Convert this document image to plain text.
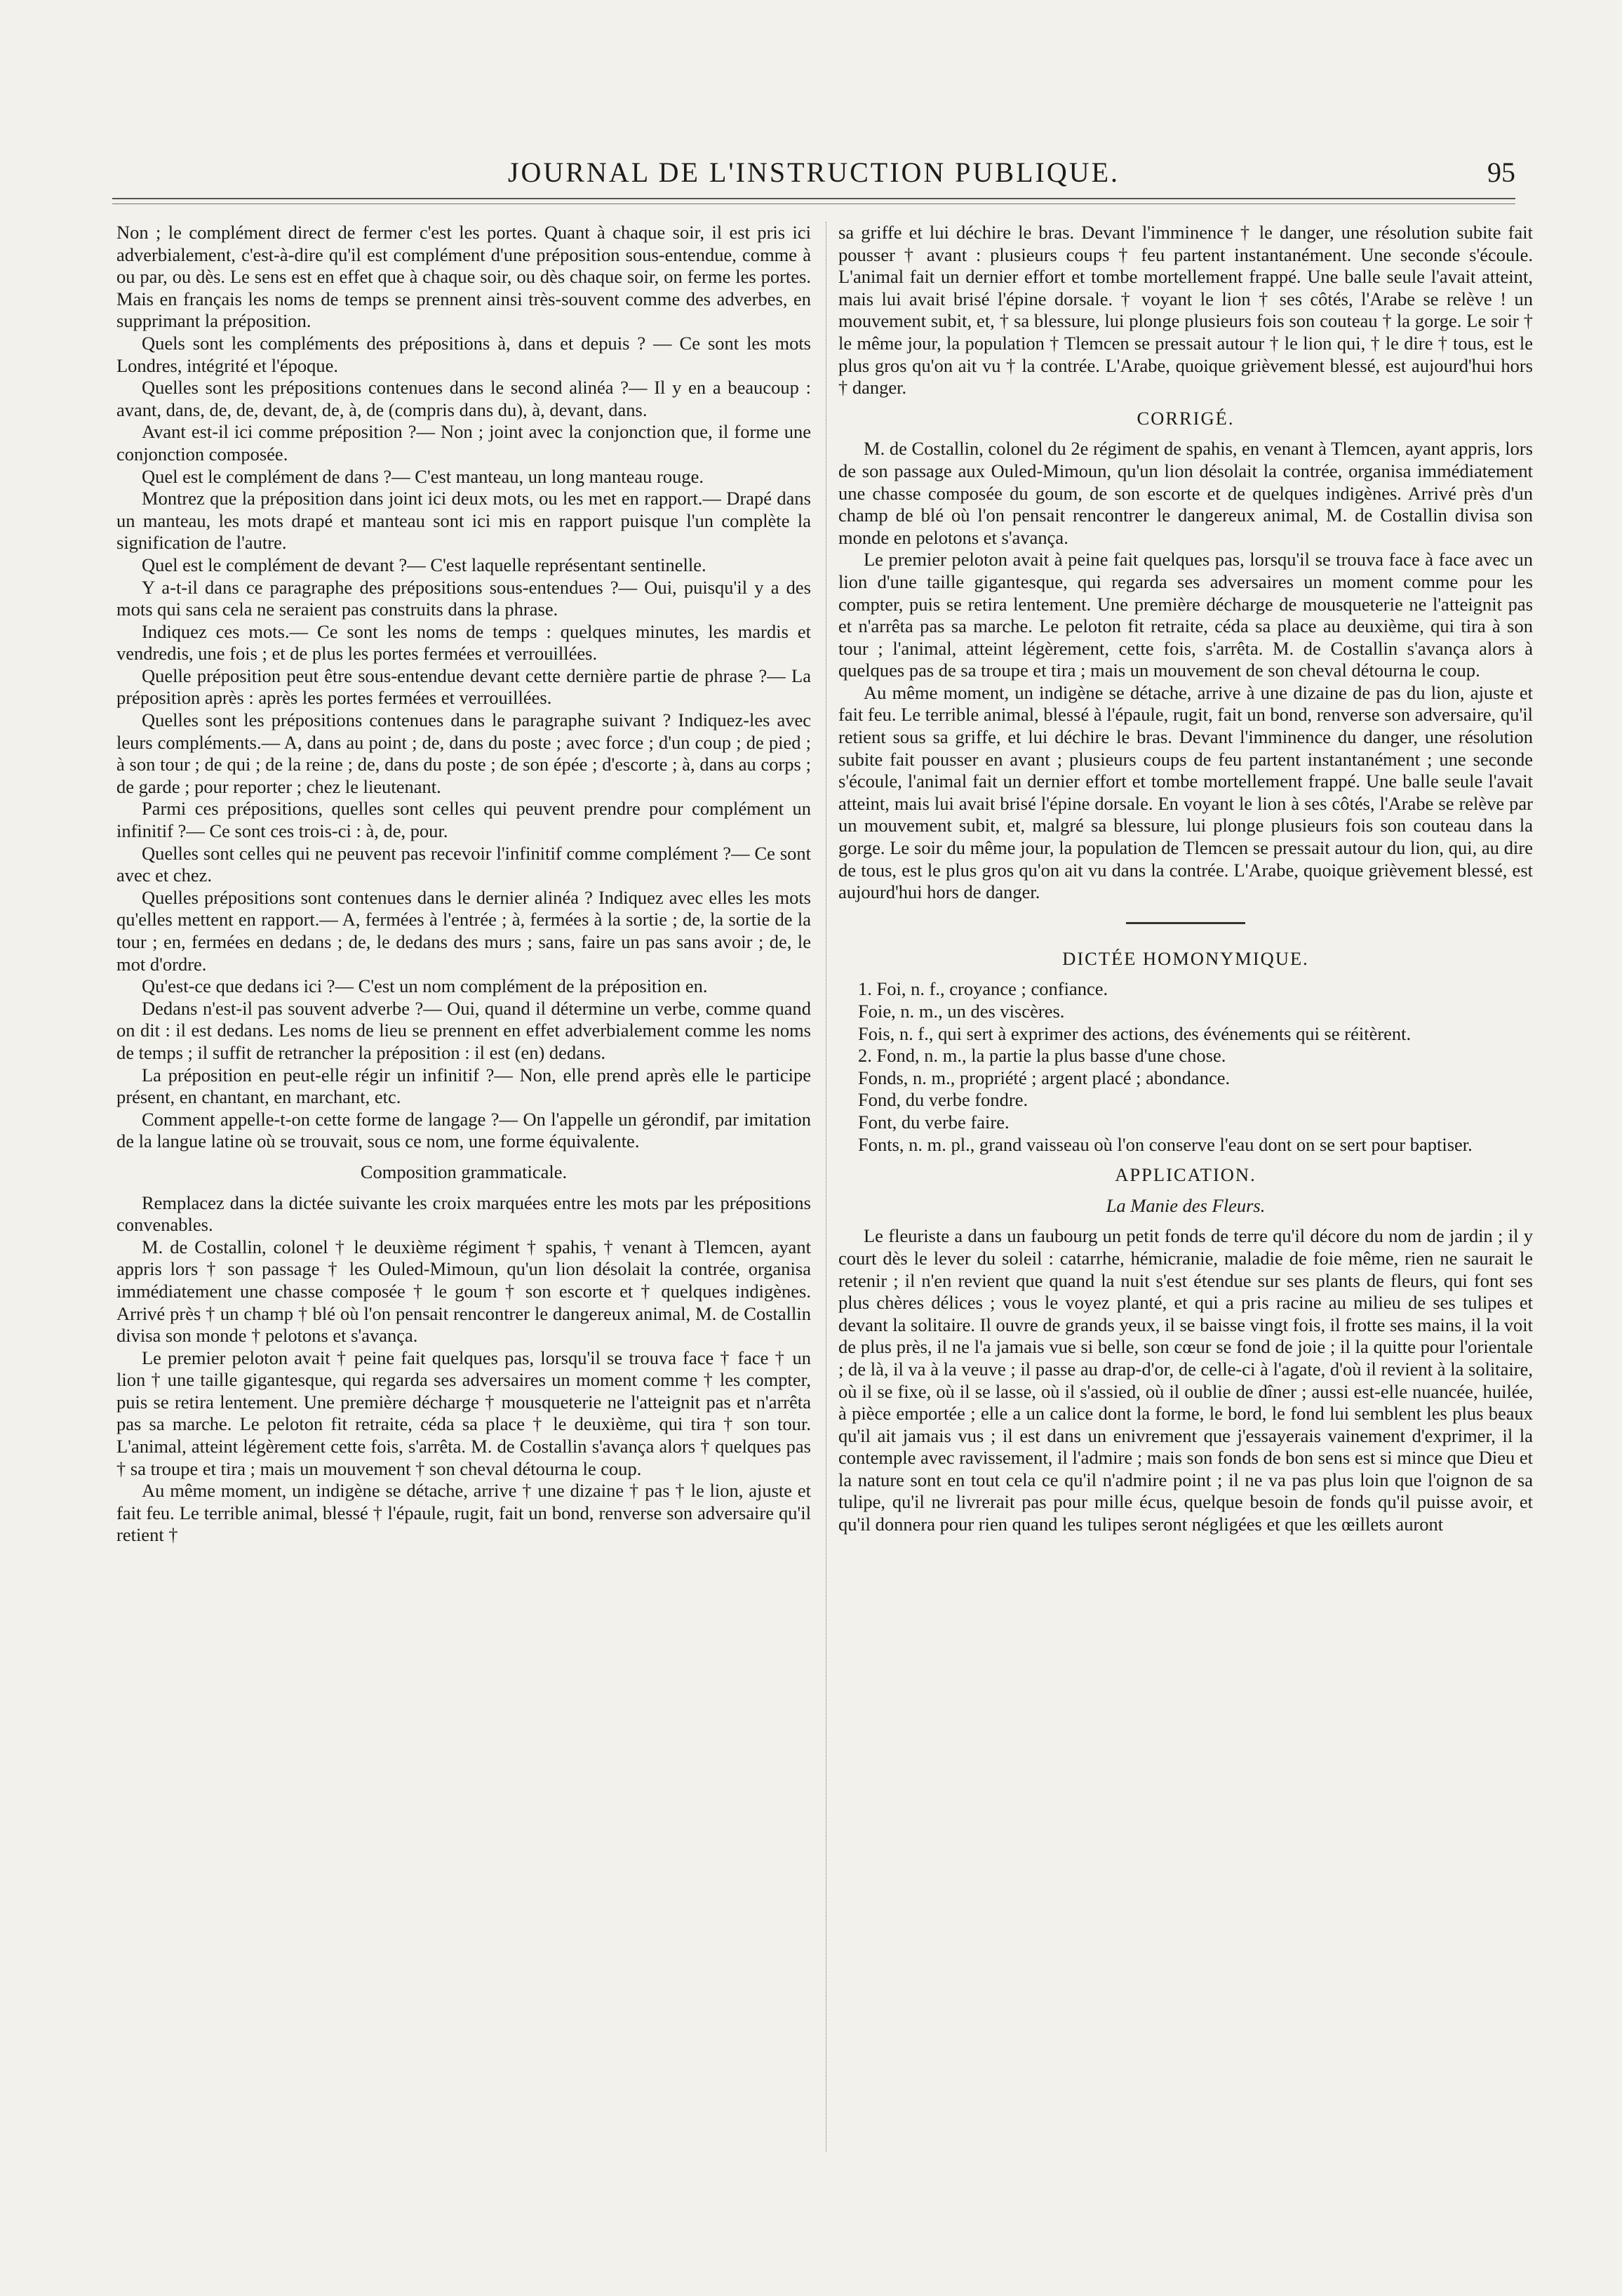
JOURNAL DE L'INSTRUCTION PUBLIQUE.	95

Non ; le complément direct de fermer c'est les portes. Quant à chaque soir, il est pris ici adverbialement, c'est-à-dire qu'il est complément d'une préposition sous-entendue, comme à ou par, ou dès. Le sens est en effet que à chaque soir, ou dès chaque soir, on ferme les portes. Mais en français les noms de temps se prennent ainsi très-souvent comme des adverbes, en supprimant la préposition.

Quels sont les compléments des prépositions à, dans et depuis ? — Ce sont les mots Londres, intégrité et l'époque.

Quelles sont les prépositions contenues dans le second alinéa ?— Il y en a beaucoup : avant, dans, de, de, devant, de, à, de (compris dans du), à, devant, dans.

Avant est-il ici comme préposition ?— Non ; joint avec la conjonction que, il forme une conjonction composée.

Quel est le complément de dans ?— C'est manteau, un long manteau rouge.

Montrez que la préposition dans joint ici deux mots, ou les met en rapport.— Drapé dans un manteau, les mots drapé et manteau sont ici mis en rapport puisque l'un complète la signification de l'autre.

Quel est le complément de devant ?— C'est laquelle représentant sentinelle.

Y a-t-il dans ce paragraphe des prépositions sous-entendues ?— Oui, puisqu'il y a des mots qui sans cela ne seraient pas construits dans la phrase.

Indiquez ces mots.— Ce sont les noms de temps : quelques minutes, les mardis et vendredis, une fois ; et de plus les portes fermées et verrouillées.

Quelle préposition peut être sous-entendue devant cette dernière partie de phrase ?— La préposition après : après les portes fermées et verrouillées.

Quelles sont les prépositions contenues dans le paragraphe suivant ? Indiquez-les avec leurs compléments.— A, dans au point ; de, dans du poste ; avec force ; d'un coup ; de pied ; à son tour ; de qui ; de la reine ; de, dans du poste ; de son épée ; d'escorte ; à, dans au corps ; de garde ; pour reporter ; chez le lieutenant.

Parmi ces prépositions, quelles sont celles qui peuvent prendre pour complément un infinitif ?— Ce sont ces trois-ci : à, de, pour.

Quelles sont celles qui ne peuvent pas recevoir l'infinitif comme complément ?— Ce sont avec et chez.

Quelles prépositions sont contenues dans le dernier alinéa ? Indiquez avec elles les mots qu'elles mettent en rapport.— A, fermées à l'entrée ; à, fermées à la sortie ; de, la sortie de la tour ; en, fermées en dedans ; de, le dedans des murs ; sans, faire un pas sans avoir ; de, le mot d'ordre.

Qu'est-ce que dedans ici ?— C'est un nom complément de la préposition en.

Dedans n'est-il pas souvent adverbe ?— Oui, quand il détermine un verbe, comme quand on dit : il est dedans. Les noms de lieu se prennent en effet adverbialement comme les noms de temps ; il suffit de retrancher la préposition : il est (en) dedans.

La préposition en peut-elle régir un infinitif ?— Non, elle prend après elle le participe présent, en chantant, en marchant, etc.

Comment appelle-t-on cette forme de langage ?— On l'appelle un gérondif, par imitation de la langue latine où se trouvait, sous ce nom, une forme équivalente.

Composition grammaticale.

Remplacez dans la dictée suivante les croix marquées entre les mots par les prépositions convenables.

M. de Costallin, colonel † le deuxième régiment † spahis, † venant à Tlemcen, ayant appris lors † son passage † les Ouled-Mimoun, qu'un lion désolait la contrée, organisa immédiatement une chasse composée † le goum † son escorte et † quelques indigènes. Arrivé près † un champ † blé où l'on pensait rencontrer le dangereux animal, M. de Costallin divisa son monde † pelotons et s'avança.

Le premier peloton avait † peine fait quelques pas, lorsqu'il se trouva face † face † un lion † une taille gigantesque, qui regarda ses adversaires un moment comme † les compter, puis se retira lentement. Une première décharge † mousqueterie ne l'atteignit pas et n'arrêta pas sa marche. Le peloton fit retraite, céda sa place † le deuxième, qui tira † son tour. L'animal, atteint légèrement cette fois, s'arrêta. M. de Costallin s'avança alors † quelques pas † sa troupe et tira ; mais un mouvement † son cheval détourna le coup.

Au même moment, un indigène se détache, arrive † une dizaine † pas † le lion, ajuste et fait feu. Le terrible animal, blessé † l'épaule, rugit, fait un bond, renverse son adversaire qu'il retient †

sa griffe et lui déchire le bras. Devant l'imminence † le danger, une résolution subite fait pousser † avant : plusieurs coups † feu partent instantanément. Une seconde s'écoule. L'animal fait un dernier effort et tombe mortellement frappé. Une balle seule l'avait atteint, mais lui avait brisé l'épine dorsale. † voyant le lion † ses côtés, l'Arabe se relève ! un mouvement subit, et, † sa blessure, lui plonge plusieurs fois son couteau † la gorge. Le soir † le même jour, la population † Tlemcen se pressait autour † le lion qui, † le dire † tous, est le plus gros qu'on ait vu † la contrée. L'Arabe, quoique grièvement blessé, est aujourd'hui hors † danger.

CORRIGÉ.

M. de Costallin, colonel du 2e régiment de spahis, en venant à Tlemcen, ayant appris, lors de son passage aux Ouled-Mimoun, qu'un lion désolait la contrée, organisa immédiatement une chasse composée du goum, de son escorte et de quelques indigènes. Arrivé près d'un champ de blé où l'on pensait rencontrer le dangereux animal, M. de Costallin divisa son monde en pelotons et s'avança.

Le premier peloton avait à peine fait quelques pas, lorsqu'il se trouva face à face avec un lion d'une taille gigantesque, qui regarda ses adversaires un moment comme pour les compter, puis se retira lentement. Une première décharge de mousqueterie ne l'atteignit pas et n'arrêta pas sa marche. Le peloton fit retraite, céda sa place au deuxième, qui tira à son tour ; l'animal, atteint légèrement, cette fois, s'arrêta. M. de Costallin s'avança alors à quelques pas de sa troupe et tira ; mais un mouvement de son cheval détourna le coup.

Au même moment, un indigène se détache, arrive à une dizaine de pas du lion, ajuste et fait feu. Le terrible animal, blessé à l'épaule, rugit, fait un bond, renverse son adversaire, qu'il retient sous sa griffe, et lui déchire le bras. Devant l'imminence du danger, une résolution subite fait pousser en avant ; plusieurs coups de feu partent instantanément ; une seconde s'écoule, l'animal fait un dernier effort et tombe mortellement frappé. Une balle seule l'avait atteint, mais lui avait brisé l'épine dorsale. En voyant le lion à ses côtés, l'Arabe se relève par un mouvement subit, et, malgré sa blessure, lui plonge plusieurs fois son couteau dans la gorge. Le soir du même jour, la population de Tlemcen se pressait autour du lion, qui, au dire de tous, est le plus gros qu'on ait vu dans la contrée. L'Arabe, quoique grièvement blessé, est aujourd'hui hors de danger.

DICTÉE HOMONYMIQUE.

1. Foi, n. f., croyance ; confiance.

Foie, n. m., un des viscères.

Fois, n. f., qui sert à exprimer des actions, des événements qui se réitèrent.

2. Fond, n. m., la partie la plus basse d'une chose.

Fonds, n. m., propriété ; argent placé ; abondance.

Fond, du verbe fondre.

Font, du verbe faire.

Fonts, n. m. pl., grand vaisseau où l'on conserve l'eau dont on se sert pour baptiser.

APPLICATION.

La Manie des Fleurs.

Le fleuriste a dans un faubourg un petit fonds de terre qu'il décore du nom de jardin ; il y court dès le lever du soleil : catarrhe, hémicranie, maladie de foie même, rien ne saurait le retenir ; il n'en revient que quand la nuit s'est étendue sur ses plants de fleurs, qui font ses plus chères délices ; vous le voyez planté, et qui a pris racine au milieu de ses tulipes et devant la solitaire. Il ouvre de grands yeux, il se baisse vingt fois, il frotte ses mains, il la voit de plus près, il ne l'a jamais vue si belle, son cœur se fond de joie ; il la quitte pour l'orientale ; de là, il va à la veuve ; il passe au drap-d'or, de celle-ci à l'agate, d'où il revient à la solitaire, où il se fixe, où il se lasse, où il s'assied, où il oublie de dîner ; aussi est-elle nuancée, huilée, à pièce emportée ; elle a un calice dont la forme, le bord, le fond lui semblent les plus beaux qu'il ait jamais vus ; il est dans un enivrement que j'essayerais vainement d'exprimer, il la contemple avec ravissement, il l'admire ; mais son fonds de bon sens est si mince que Dieu et la nature sont en tout cela ce qu'il n'admire point ; il ne va pas plus loin que l'oignon de sa tulipe, qu'il ne livrerait pas pour mille écus, quelque besoin de fonds qu'il puisse avoir, et qu'il donnera pour rien quand les tulipes seront négligées et que les œillets auront
